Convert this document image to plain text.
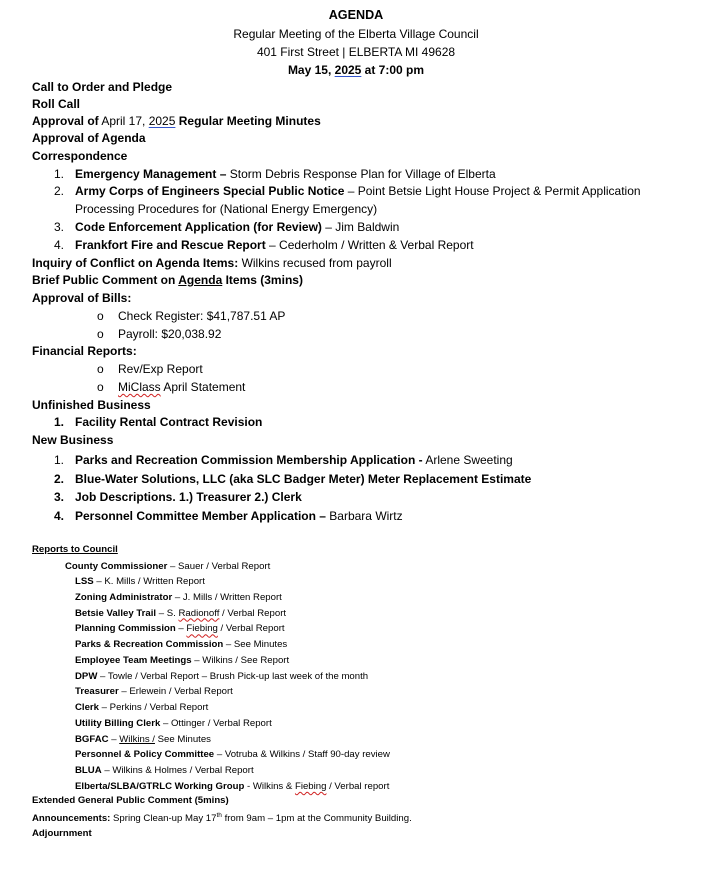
AGENDA
Regular Meeting of the Elberta Village Council
401 First Street | ELBERTA MI 49628
May 15, 2025 at 7:00 pm
Call to Order and Pledge
Roll Call
Approval of April 17, 2025 Regular Meeting Minutes
Approval of Agenda
Correspondence
1. Emergency Management – Storm Debris Response Plan for Village of Elberta
2. Army Corps of Engineers Special Public Notice – Point Betsie Light House Project & Permit Application
Processing Procedures for (National Energy Emergency)
3. Code Enforcement Application (for Review) – Jim Baldwin
4. Frankfort Fire and Rescue Report – Cederholm / Written & Verbal Report
Inquiry of Conflict on Agenda Items: Wilkins recused from payroll
Brief Public Comment on Agenda Items (3mins)
Approval of Bills:
o Check Register: $41,787.51 AP
o Payroll: $20,038.92
Financial Reports:
o Rev/Exp Report
o MiClass April Statement
Unfinished Business
1. Facility Rental Contract Revision
New Business
1. Parks and Recreation Commission Membership Application - Arlene Sweeting
2. Blue-Water Solutions, LLC (aka SLC Badger Meter) Meter Replacement Estimate
3. Job Descriptions. 1.) Treasurer 2.) Clerk
4. Personnel Committee Member Application – Barbara Wirtz
Reports to Council
County Commissioner – Sauer / Verbal Report
LSS – K. Mills / Written Report
Zoning Administrator – J. Mills / Written Report
Betsie Valley Trail – S. Radionoff / Verbal Report
Planning Commission – Fiebing / Verbal Report
Parks & Recreation Commission – See Minutes
Employee Team Meetings – Wilkins / See Report
DPW – Towle / Verbal Report – Brush Pick-up last week of the month
Treasurer – Erlewein / Verbal Report
Clerk – Perkins / Verbal Report
Utility Billing Clerk – Ottinger / Verbal Report
BGFAC – Wilkins / See Minutes
Personnel & Policy Committee – Votruba & Wilkins / Staff 90-day review
BLUA – Wilkins & Holmes / Verbal Report
Elberta/SLBA/GTRLC Working Group - Wilkins & Fiebing / Verbal report
Extended General Public Comment (5mins)
Announcements: Spring Clean-up May 17th from 9am – 1pm at the Community Building.
Adjournment
